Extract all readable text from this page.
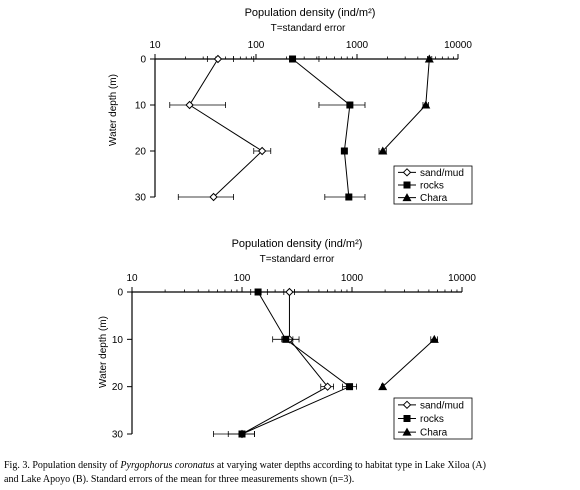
Population density (ind/m²)
T=standard error
Water depth (m)
10	100	1000	10000
0
10
20
30
sand/mud
rocks
Chara
Population density (ind/m²)
T=standard error
Water depth (m)
10	100	1000	10000
0
10
20
30
sand/mud
rocks
Chara
Fig. 3. Population density of Pyrgophorus coronatus at varying water depths according to habitat type in Lake Xiloa (A)
and Lake Apoyo (B). Standard errors of the mean for three measurements shown (n=3).
